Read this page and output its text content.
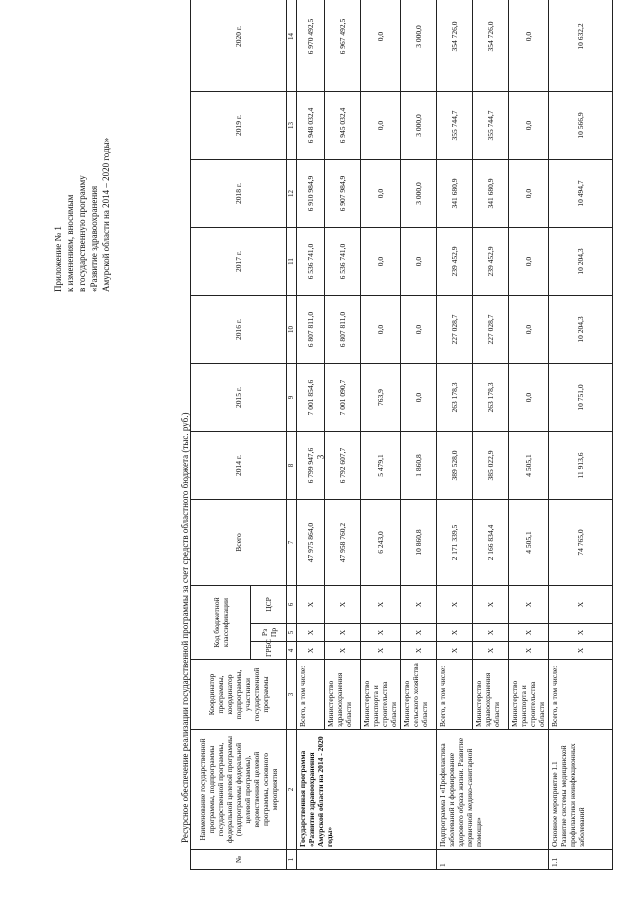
3
Приложение № 1 к изменениям, вносимым в государственную программу «Развитие здравоохранения Амурской области на 2014 – 2020 годы»
Ресурсное обеспечение реализации государственной программы за счет средств областного бюджета (тыс. руб.)
№	Наименование государственной программы, подпрограммы государственной программы, федеральной целевой программы (подпрограммы федеральной целевой программы), ведомственной целевой программы, основного мероприятия	Координатор программы, координатор подпрограммы, участники государственной программы	Код бюджетной классификации			Всего	2014 г.	2015 г.	2016 г.	2017 г.	2018 г.	2019 г.	2020 г.
			ГРБС	Рз Пр	ЦСР								
1	2	3	4	5	6	7	8	9	10	11	12	13	14
	Государственная программа «Развитие здравоохранения Амурской области на 2014 - 2020 годы»	Всего, в том числе:	Х	Х	Х	47 975 864,0	6 799 947,6	7 001 854,6	6 807 811,0	6 536 741,0	6 910 984,9	6 948 032,4	6 970 492,5
		Министерство здравоохранения области	Х	Х	Х	47 958 760,2	6 792 607,7	7 001 090,7	6 807 811,0	6 536 741,0	6 907 984,9	6 945 032,4	6 967 492,5
		Министерство транспорта и строительства области	Х	Х	Х	6 243,0	5 479,1	763,9	0,0	0,0	0,0	0,0	0,0
		Министерство сельского хозяйства области	Х	Х	Х	10 860,8	1 860,8	0,0	0,0	0,0	3 000,0	3 000,0	3 000,0
1	Подпрограмма I «Профилактика заболеваний и формирование здорового образа жизни. Развитие первичной медико-санитарной помощи»	Всего, в том числе:	Х	Х	Х	2 171 339,5	389 528,0	263 178,3	227 028,7	239 452,9	341 680,9	355 744,7	354 726,0
		Министерство здравоохранения области	Х	Х	Х	2 166 834,4	385 022,9	263 178,3	227 028,7	239 452,9	341 680,9	355 744,7	354 726,0
		Министерство транспорта и строительства области	Х	Х	Х	4 505,1	4 505,1	0,0	0,0	0,0	0,0	0,0	0,0
1.1	Основное мероприятие 1.1 Развитие системы медицинской профилактики неинфекционных заболеваний	Всего, в том числе:	Х	Х	Х	74 765,0	11 913,6	10 751,0	10 204,3	10 204,3	10 494,7	10 566,9	10 632,2
